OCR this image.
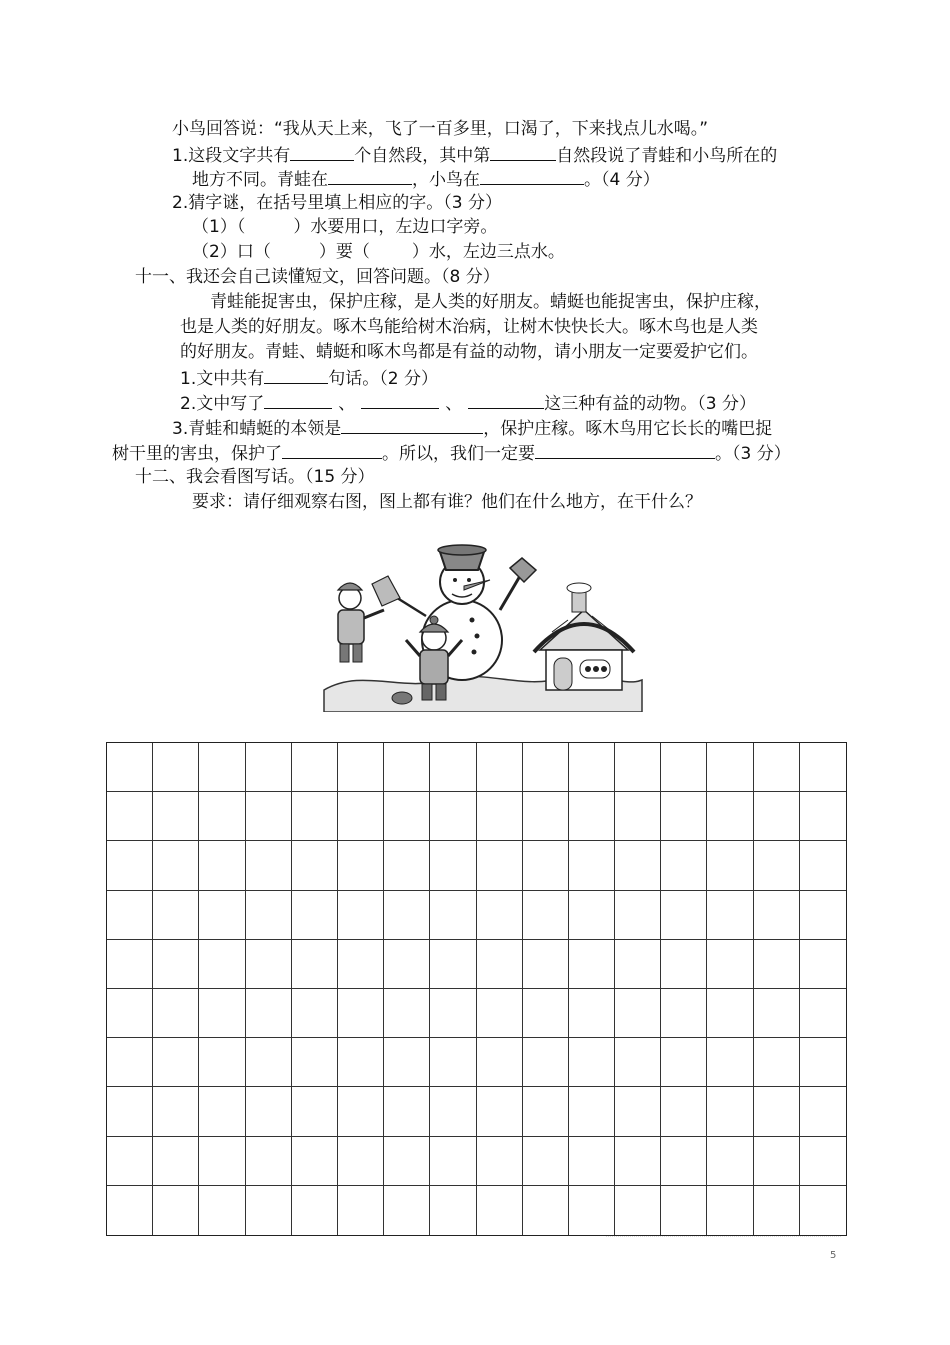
小鸟回答说：“我从天上来，飞了一百多里，口渴了，下来找点儿水喝。”
1.这段文字共有	个自然段，其中第	自然段说了青蛙和小鸟所在的
地方不同。青蛙在	，小鸟在	。（4 分）
2.猜字谜，在括号里填上相应的字。（3 分）
（1）（	）水要用口，左边口字旁。
（2）口（	）要（ ）水，左边三点水。
十一、我还会自己读懂短文，回答问题。（8 分）
青蛙能捉害虫，保护庄稼，是人类的好朋友。蜻蜓也能捉害虫，保护庄稼，
也是人类的好朋友。啄木鸟能给树木治病，让树木快快长大。啄木鸟也是人类
的好朋友。青蛙、蜻蜓和啄木鸟都是有益的动物，请小朋友一定要爱护它们。
1.文中共有	句话。（2 分）
2.文中写了	、	、	这三种有益的动物。（3 分）
3.青蛙和蜻蜓的本领是	，保护庄稼。啄木鸟用它长长的嘴巴捉
树干里的害虫，保护了	。所以，我们一定要	。（3 分）
十二、我会看图写话。（15 分）
要求：请仔细观察右图，图上都有谁？他们在什么地方，在干什么？
5
